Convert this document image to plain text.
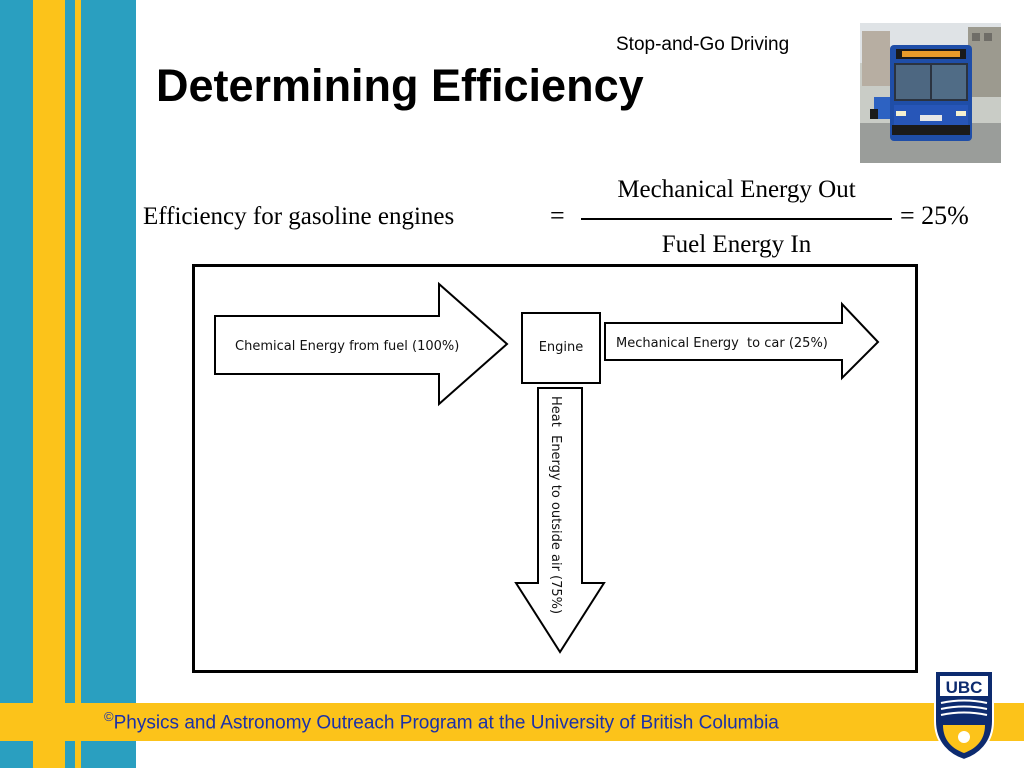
Stop-and-Go Driving
Determining Efficiency
Efficiency for gasoline engines	=
Mechanical Energy Out
Fuel Energy In
= 25%
Chemical Energy from fuel (100%)	Engine	Mechanical Energy  to car (25%)
Heat  Energy to outside air (75%)
©Physics and Astronomy Outreach Program at the University of British Columbia
UBC
